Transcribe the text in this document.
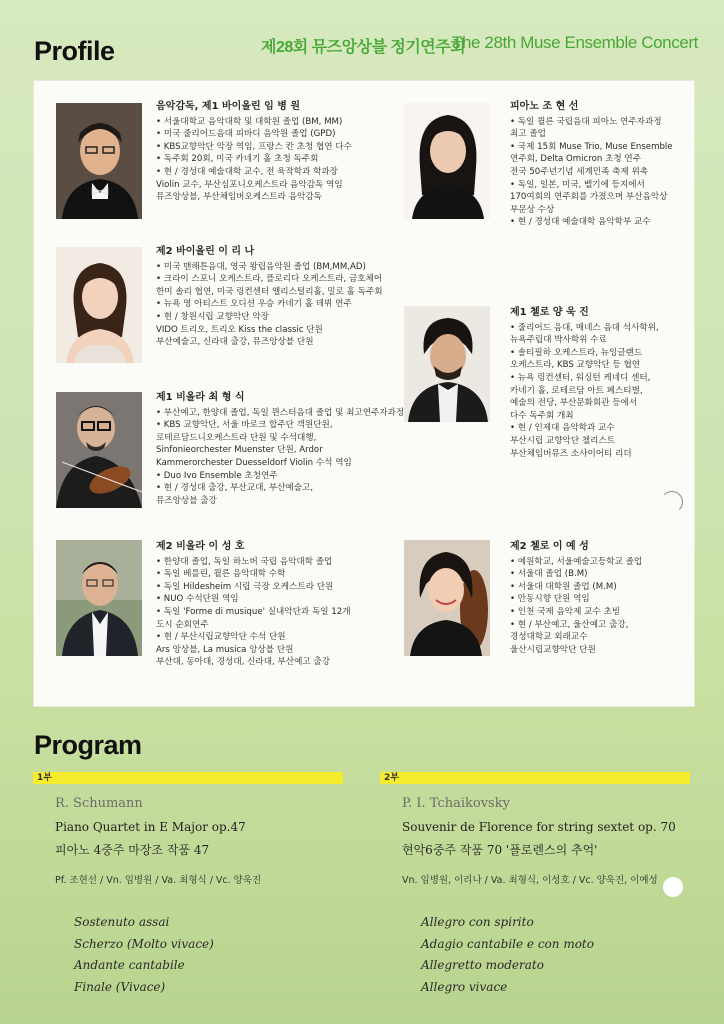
Profile	제28회 뮤즈앙상블 정기연주회
The 28th Muse Ensemble Concert
음악감독, 제1 바이올린 임 병 원
• 서울대학교 음악대학 및 대학원 졸업 (BM, MM)
• 미국 줄리어드음대 피바디 음악원 졸업 (GPD)
• KBS교향악단 악장 역임, 프랑스 칸 초청 협연 다수
• 독주회 20회, 미국 카네기 홀 초청 독주회
• 현 / 경성대 예술대학 교수, 전 육작학과 학과장
Violin 교수, 부산심포니오케스트라 음악감독 역임
뮤즈앙상블, 부산체임버오케스트라 음악감독
제2 바이올린 이 리 나
• 미국 맨해튼음대, 영국 왕립음악원 졸업 (BM,MM,AD)
• 크라이 스포니 오케스트라, 플로리다 오케스트라, 금호체어
한미 솔리 협연, 미국 링컨센터 앨리스털리홀, 밀로 홀 독주회
• 뉴욕 영 아티스트 오디션 우승 카네기 홀 데뷔 연주
• 현 / 창원시립 교향악단 악장
VIDO 트리오, 트리오 Kiss the classic 단원
부산예술고, 신라대 출강, 뮤즈앙상블 단원
제1 비올라 최 형 식
• 부산예고, 한양대 졸업, 독일 뮌스터음대 졸업 및 최고연주자과정
• KBS 교향악단, 서울 바로크 합주단 객원단원,
로테르담드니오케스트라 단원 및 수석대행,
Sinfonieorchester Muenster 단원, Ardor
Kammerorchester Duesseldorf Violin 수석 역임
• Duo Ivo Ensemble 초청연주
• 현 / 경성대 출강, 부산교대, 부산예술고,
뮤즈앙상블 출강
제2 비올라 이 성 호
• 한양대 졸업, 독일 하노버 국립 음악대학 졸업
• 독일 베를린, 쾰른 음악대학 수학
• 독일 Hildesheim 시립 극장 오케스트라 단원
• NUO 수석단원 역임
• 독일 'Forme di musique' 실내악단과 독일 12개
도시 순회연주
• 현 / 부산시립교향악단 수석 단원
Ars 앙상블, La musica 앙상블 단원
부산대, 동아대, 경성대, 신라대, 부산예고 출강
피아노 조 현 선
• 독일 쾰른 국립음대 피아노 연주자과정
최고 졸업
• 국제 15회 Muse Trio, Muse Ensemble
연주회, Delta Omicron 초청 연주
전국 50주년기념 세계민족 축제 위촉
• 독일, 일본, 미국, 벨기에 등지에서
170여회의 연주회를 가졌으며 부산음악상
부문상 수상
• 현 / 경성대 예술대학 음악학부 교수
제1 첼로 양 욱 진
• 줄리어드 음대, 매네스 음대 석사학위,
뉴욕주립대 박사학위 수료
• 솔티필하 오케스트라, 뉴잉글랜드
오케스트라, KBS 교향악단 등 협연
• 뉴욕 링컨센터, 워싱턴 케네디 센터,
카네기 홀, 로테르담 아트 페스티벌,
예술의 전당, 부산문화회관 등에서
다수 독주회 개최
• 현 / 인제대 음악학과 교수
부산시립 교향악단 첼리스트
부산체임버뮤즈 소사이어티 리더
제2 첼로 이 예 성
• 예원학교, 서울예술고등학교 졸업
• 서울대 졸업 (B.M)
• 서울대 대학원 졸업 (M.M)
• 안동시향 단원 역임
• 인천 국제 음악제 교수 초빙
• 현 / 부산예고, 울산예고 출강,
경성대학교 외래교수
울산시립교향악단 단원
Program
1부	2부
R. Schumann
Piano Quartet in E Major op.47
피아노 4중주 마장조 작품 47
Pf. 조현선 / Vn. 임병원 / Va. 최형식 / Vc. 양욱진
Sostenuto assai
Scherzo (Molto vivace)
Andante cantabile
Finale (Vivace)
P. I. Tchaikovsky
Souvenir de Florence for string sextet op. 70
현악6중주 작품 70 '플로렌스의 추억'
Vn. 임병원, 이리나 / Va. 최형식, 이성호 / Vc. 양욱진, 이예성
Allegro con spirito
Adagio cantabile e con moto
Allegretto moderato
Allegro vivace
